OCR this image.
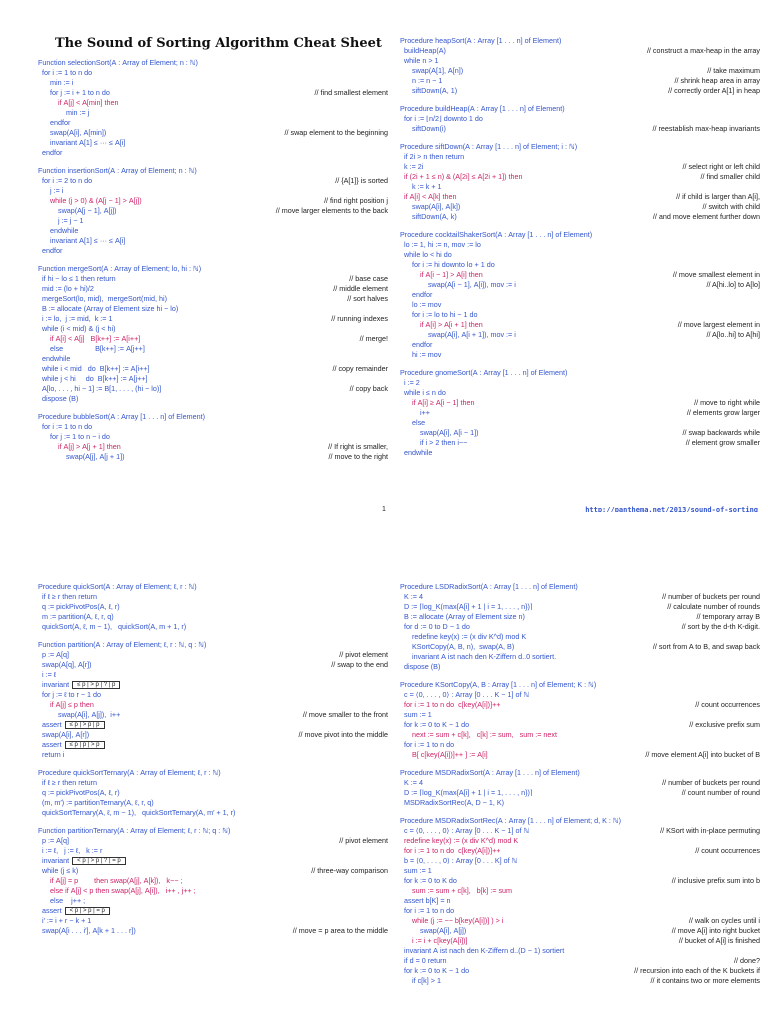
The Sound of Sorting Algorithm Cheat Sheet
Function selectionSort(A : Array of Element; n : ℕ)
for i := 1 to n do
min := i
for j := i + 1 to n do	// find smallest element
if A[j] < A[min] then
min := j
endfor
swap(A[i], A[min])	// swap element to the beginning
invariant A[1] ≤ ··· ≤ A[i]
endfor
Function insertionSort(A : Array of Element; n : ℕ)
for i := 2 to n do	// {A[1]} is sorted
j := i
while (j > 0) & (A[j − 1] > A[j])	// find right position j
swap(A[j − 1], A[j])	// move larger elements to the back
j := j − 1
endwhile
invariant A[1] ≤ ··· ≤ A[i]
endfor
Function mergeSort(A : Array of Element; lo, hi : ℕ)
if hi − lo ≤ 1 then return	// base case
mid := (lo + hi)/2	// middle element
mergeSort(lo, mid),  mergeSort(mid, hi)	// sort halves
B := allocate (Array of Element size hi − lo)
i := lo,  j := mid,  k := 1	// running indexes
while (i < mid) & (j < hi)
if A[i] < A[j]   B[k++] := A[i++]	// merge!
else                B[k++] := A[j++]
endwhile
while i < mid   do  B[k++] := A[i++]	// copy remainder
while j < hi     do  B[k++] := A[j++]
A[lo, . . . , hi − 1] := B[1, . . . , (hi − lo)]	// copy back
dispose (B)
Procedure bubbleSort(A : Array [1 . . . n] of Element)
for i := 1 to n do
for j := 1 to n − i do
if A[j] > A[j + 1] then	// If right is smaller,
swap(A[j], A[j + 1])	// move to the right
Procedure heapSort(A : Array [1 . . . n] of Element)
buildHeap(A)	// construct a max-heap in the array
while n > 1
swap(A[1], A[n])	// take maximum
n := n − 1	// shrink heap area in array
siftDown(A, 1)	// correctly order A[1] in heap
Procedure buildHeap(A : Array [1 . . . n] of Element)
for i := ⌊n/2⌋ downto 1 do
siftDown(i)	// reestablish max-heap invariants
Procedure siftDown(A : Array [1 . . . n] of Element; i : ℕ)
if 2i > n then return
k := 2i	// select right or left child
if (2i + 1 ≤ n) & (A[2i] ≤ A[2i + 1]) then	// find smaller child
k := k + 1
if A[i] < A[k] then	// if child is larger than A[i],
swap(A[i], A[k])	// switch with child
siftDown(A, k)	// and move element further down
Procedure cocktailShakerSort(A : Array [1 . . . n] of Element)
lo := 1, hi := n, mov := lo
while lo < hi do
for i := hi downto lo + 1 do
if A[i − 1] > A[i] then	// move smallest element in
swap(A[i − 1], A[i]), mov := i	// A[hi..lo] to A[lo]
endfor
lo := mov
for i := lo to hi − 1 do
if A[i] > A[i + 1] then	// move largest element in
swap(A[i], A[i + 1]), mov := i	// A[lo..hi] to A[hi]
endfor
hi := mov
Procedure gnomeSort(A : Array [1 . . . n] of Element)
i := 2
while i ≤ n do
if A[i] ≥ A[i − 1] then	// move to right while
i++	// elements grow larger
else
swap(A[i], A[i − 1])	// swap backwards while
if i > 2 then i−−	// element grow smaller
endwhile
1	http://panthema.net/2013/sound-of-sorting
Procedure quickSort(A : Array of Element; ℓ, r : ℕ)
if ℓ ≥ r then return
q := pickPivotPos(A, ℓ, r)
m := partition(A, ℓ, r, q)
quickSort(A, ℓ, m − 1),   quickSort(A, m + 1, r)
Function partition(A : Array of Element; ℓ, r : ℕ, q : ℕ)
p := A[q]	// pivot element
swap(A[q], A[r])	// swap to the end
i := ℓ
invariant ≤ p | > p | ? | p
for j := ℓ to r − 1 do
if A[j] ≤ p then
swap(A[i], A[j]),  i++	// move smaller to the front
assert ≤ p | > p | p
swap(A[i], A[r])	// move pivot into the middle
assert ≤ p | p | > p
return i
Procedure quickSortTernary(A : Array of Element; ℓ, r : ℕ)
if ℓ ≥ r then return
q := pickPivotPos(A, ℓ, r)
(m, m′) := partitionTernary(A, ℓ, r, q)
quickSortTernary(A, ℓ, m − 1),   quickSortTernary(A, m′ + 1, r)
Function partitionTernary(A : Array of Element; ℓ, r : ℕ; q : ℕ)
p := A[q]	// pivot element
i := ℓ,   j := ℓ,   k := r
invariant < p | > p | ? | = p
while (j ≤ k)	// three-way comparison
if A[j] = p        then swap(A[j], A[k]),   k−− ;
else if A[j] < p then swap(A[j], A[i]),   i++ , j++ ;
else    j++ ;
assert < p | > p | = p
i′ := i + r − k + 1
swap(A[i . . . i′], A[k + 1 . . . r])	// move = p area to the middle
Procedure LSDRadixSort(A : Array [1 . . . n] of Element)
K := 4	// number of buckets per round
D := ⌈log_K(max{A[i] + 1 | i = 1, . . . , n})⌉	// calculate number of rounds
B := allocate (Array of Element size n)	// temporary array B
for d := 0 to D − 1 do	// sort by the d-th K-digit.
redefine key(x) := (x div K^d) mod K
KSortCopy(A, B, n),  swap(A, B)	// sort from A to B, and swap back
invariant A ist nach den K-Ziffern d..0 sortiert.
dispose (B)
Procedure KSortCopy(A, B : Array [1 . . . n] of Element; K : ℕ)
c = ⟨0, . . . , 0⟩ : Array [0 . . . K − 1] of ℕ
for i := 1 to n do  c[key(A[i])]++	// count occurrences
sum := 1
for k := 0 to K − 1 do	// exclusive prefix sum
next := sum + c[k],   c[k] := sum,   sum := next
for i := 1 to n do
B[ c[key(A[i])]++ ] := A[i]	// move element A[i] into bucket of B
Procedure MSDRadixSort(A : Array [1 . . . n] of Element)
K := 4	// number of buckets per round
D := ⌈log_K(max{A[i] + 1 | i = 1, . . . , n})⌉	// count number of round
MSDRadixSortRec(A, D − 1, K)
Procedure MSDRadixSortRec(A : Array [1 . . . n] of Element; d, K : ℕ)
c = ⟨0, . . . , 0⟩ : Array [0 . . . K − 1] of ℕ	// KSort with in-place permuting
redefine key(x) := (x div K^d) mod K
for i := 1 to n do  c[key(A[i])]++	// count occurrences
b = ⟨0, . . . , 0⟩ : Array [0 . . . K] of ℕ
sum := 1
for k := 0 to K do	// inclusive prefix sum into b
sum := sum + c[k],   b[k] := sum
assert b[K] = n
for i := 1 to n do
while (j := −− b[key(A[i])] ) > i	// walk on cycles until i
swap(A[i], A[j])	// move A[i] into right bucket
i := i + c[key(A[i])]	// bucket of A[i] is finished
invariant A ist nach den K-Ziffern d..(D − 1) sortiert
if d = 0 return	// done?
for k := 0 to K − 1 do	// recursion into each of the K buckets if
if c[k] > 1	// it contains two or more elements
